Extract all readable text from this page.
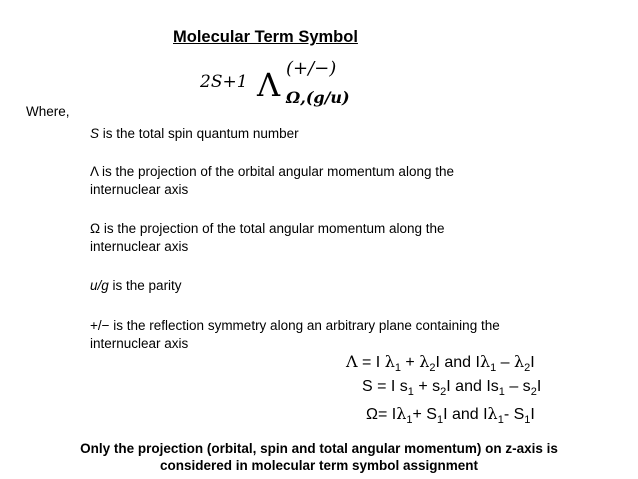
Molecular Term Symbol
2S+1 Λ (+/−)
Ω,(g/u)
Where,
S is the total spin quantum number
Λ is the projection of the orbital angular momentum along the
internuclear axis
Ω is the projection of the total angular momentum along the
internuclear axis
u/g is the parity
+/− is the reflection symmetry along an arbitrary plane containing the
internuclear axis
Λ = I $\lambda_1 + \lambda_2I$ and $I\lambda_1 - \lambda_2I$
S = I $s_1 + s_2I$ and $Is_1 - s_2I$
$\Omega= I\lambda_1+ S_1I$ and $I\lambda_1-$ $S_1I$
Only the projection (orbital, spin and total angular momentum) on z-axis is
considered in molecular term symbol assignment
